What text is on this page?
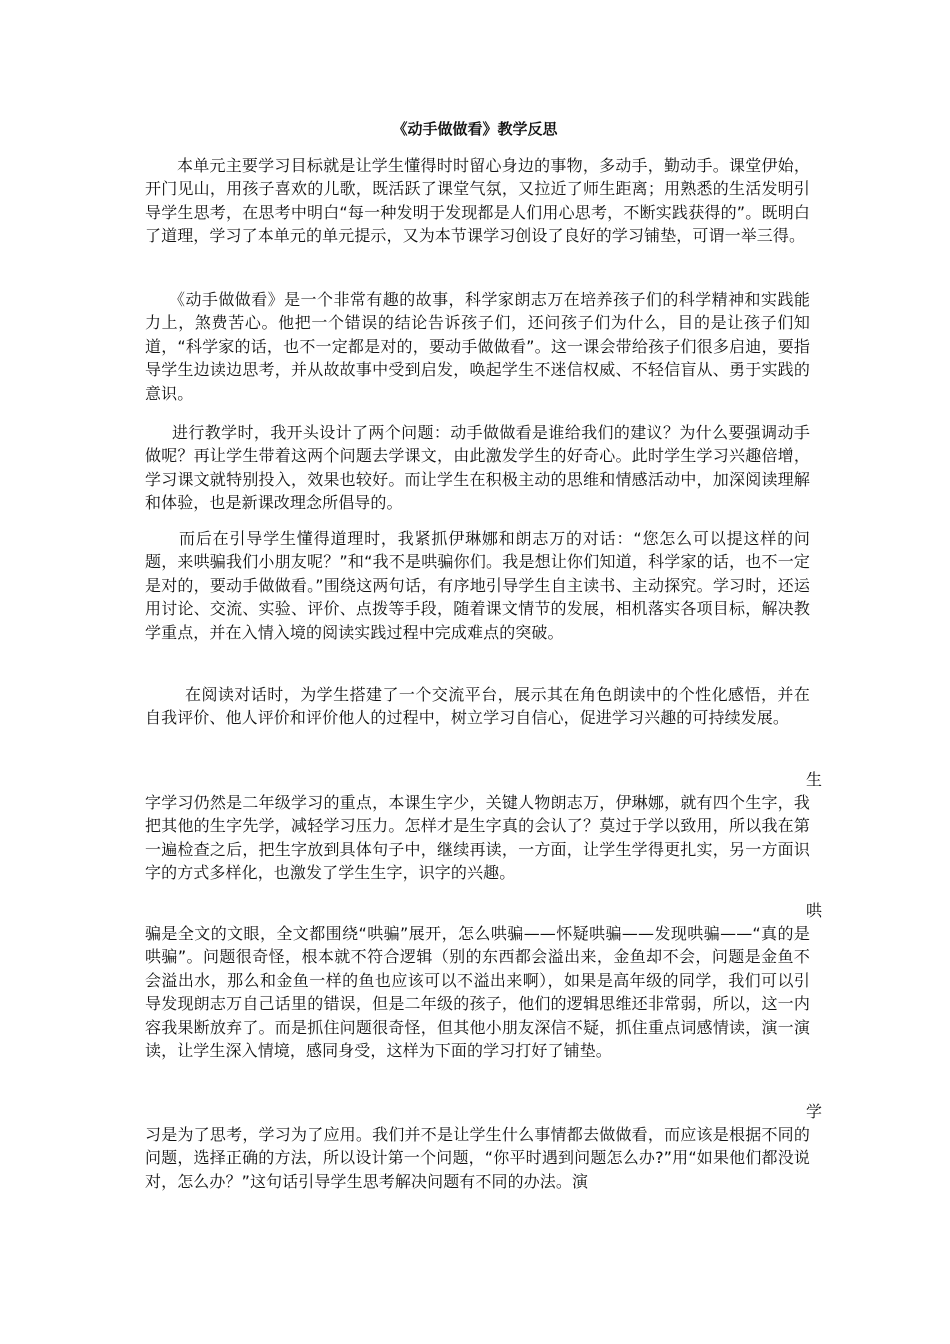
《动手做做看》教学反思

本单元主要学习目标就是让学生懂得时时留心身边的事物，多动手，勤动手。课堂伊始，开门见山，用孩子喜欢的儿歌，既活跃了课堂气氛，又拉近了师生距离；用熟悉的生活发明引导学生思考，在思考中明白“每一种发明于发现都是人们用心思考，不断实践获得的”。既明白了道理，学习了本单元的单元提示，又为本节课学习创设了良好的学习铺垫，可谓一举三得。

《动手做做看》是一个非常有趣的故事，科学家朗志万在培养孩子们的科学精神和实践能力上，煞费苦心。他把一个错误的结论告诉孩子们，还问孩子们为什么，目的是让孩子们知道，“科学家的话，也不一定都是对的，要动手做做看”。这一课会带给孩子们很多启迪，要指导学生边读边思考，并从故故事中受到启发，唤起学生不迷信权威、不轻信盲从、勇于实践的意识。

进行教学时，我开头设计了两个问题：动手做做看是谁给我们的建议？为什么要强调动手做呢？再让学生带着这两个问题去学课文，由此激发学生的好奇心。此时学生学习兴趣倍增，学习课文就特别投入，效果也较好。而让学生在积极主动的思维和情感活动中，加深阅读理解和体验，也是新课改理念所倡导的。

而后在引导学生懂得道理时，我紧抓伊琳娜和朗志万的对话：“您怎么可以提这样的问题，来哄骗我们小朋友呢？”和“我不是哄骗你们。我是想让你们知道，科学家的话，也不一定是对的，要动手做做看。”围绕这两句话，有序地引导学生自主读书、主动探究。学习时，还运用讨论、交流、实验、评价、点拨等手段，随着课文情节的发展，相机落实各项目标，解决教学重点，并在入情入境的阅读实践过程中完成难点的突破。

在阅读对话时，为学生搭建了一个交流平台，展示其在角色朗读中的个性化感悟，并在自我评价、他人评价和评价他人的过程中，树立学习自信心，促进学习兴趣的可持续发展。

生

字学习仍然是二年级学习的重点，本课生字少，关键人物朗志万，伊琳娜，就有四个生字，我把其他的生字先学，减轻学习压力。怎样才是生字真的会认了？莫过于学以致用，所以我在第一遍检查之后，把生字放到具体句子中，继续再读，一方面，让学生学得更扎实，另一方面识字的方式多样化，也激发了学生生字，识字的兴趣。

哄

骗是全文的文眼，全文都围绕“哄骗”展开，怎么哄骗——怀疑哄骗——发现哄骗——“真的是哄骗”。问题很奇怪，根本就不符合逻辑（别的东西都会溢出来，金鱼却不会，问题是金鱼不会溢出水，那么和金鱼一样的鱼也应该可以不溢出来啊），如果是高年级的同学，我们可以引导发现朗志万自己话里的错误，但是二年级的孩子，他们的逻辑思维还非常弱，所以，这一内容我果断放弃了。而是抓住问题很奇怪，但其他小朋友深信不疑，抓住重点词感情读，演一演读，让学生深入情境，感同身受，这样为下面的学习打好了铺垫。

学

习是为了思考，学习为了应用。我们并不是让学生什么事情都去做做看，而应该是根据不同的问题，选择正确的方法，所以设计第一个问题，“你平时遇到问题怎么办?”用“如果他们都没说对，怎么办？”这句话引导学生思考解决问题有不同的办法。演
